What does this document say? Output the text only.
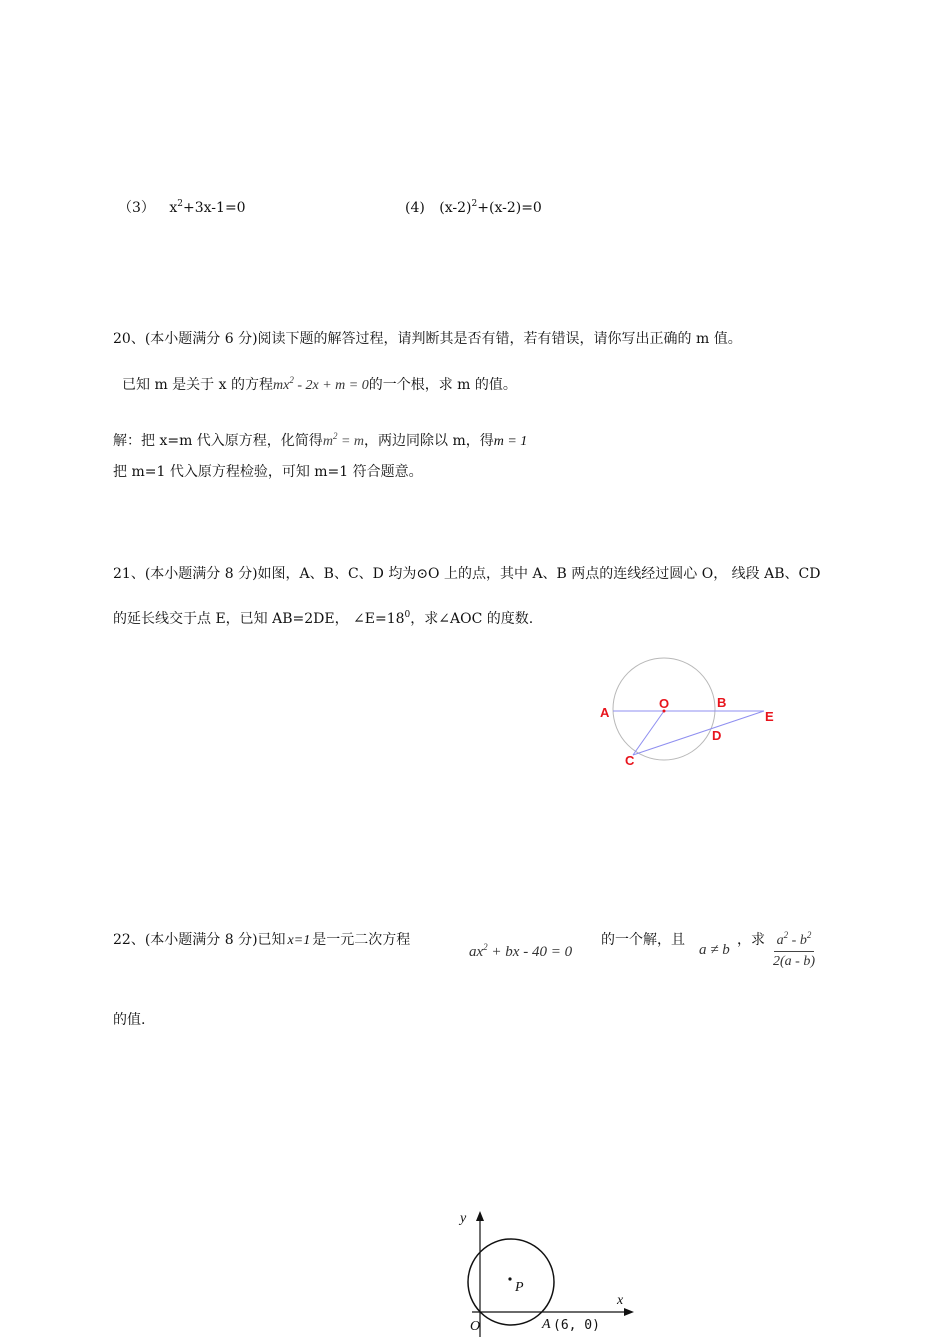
（3） $x^2+3x-1=0$	(4) $(x-2)^2+(x-2)=0$
20、(本小题满分 6 分)阅读下题的解答过程，请判断其是否有错，若有错误，请你写出正确的 m 值。
已知 m 是关于 x 的方程$mx^2 - 2x + m = 0$的一个根，求 m 的值。
解：把 x=m 代入原方程，化简得$m^2 = m$，两边同除以 m，得m = 1
把 m=1 代入原方程检验，可知 m=1 符合题意。
21、(本小题满分 8 分)如图，A、B、C、D 均为⊙O 上的点，其中 A、B 两点的连线经过圆心 O， 线段 AB、CD
的延长线交于点 E，已知 AB=2DE， $\angle E=18^0$，求∠AOC 的度数.
A
O	B
E
D
C
22、(本小题满分 8 分)已知 x=1 是一元二次方程
$ax^2$ + bx - 40 = 0
的一个解，且
a ≠ b
，求 $\frac{a^2 - b^2}{2(a - b)}$
的值.
y
x
O
P
A (6, 0)
